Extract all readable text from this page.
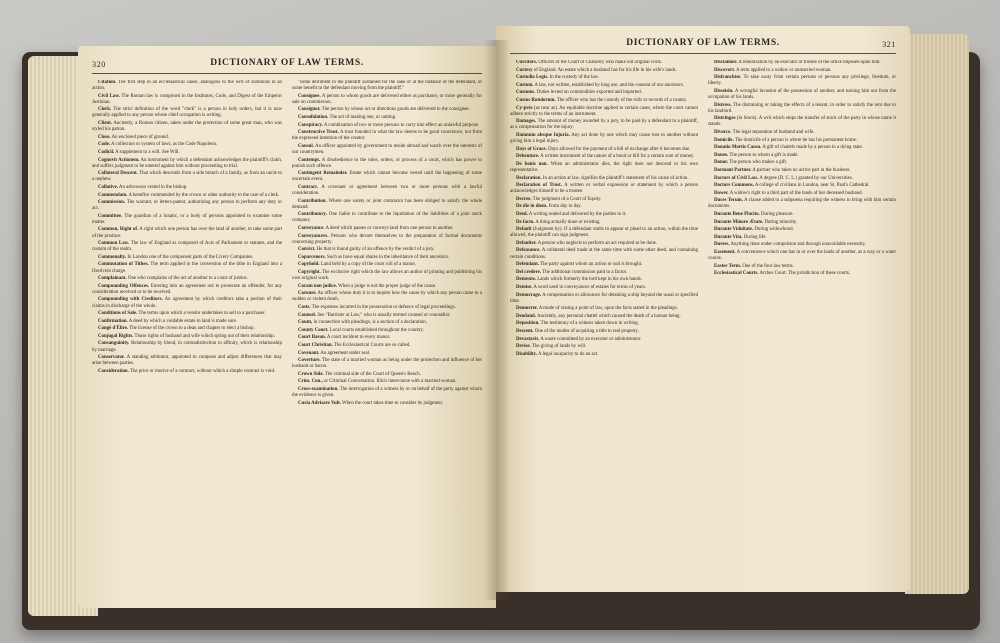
320	DICTIONARY OF LAW TERMS.

Citation. The first step in an ecclesiastical cause, analogous to the writ of summons in an action.

Civil Law. The Roman law is comprised in the Institutes, Code, and Digest of the Emperor Justinian.

Clerk. The strict definition of the word "clerk" is a person in holy orders, but it is now generally applied to any person whose chief occupation is writing.

Client. Anciently, a Roman citizen, taken under the protection of some great man, who was styled his patron.

Close. An enclosed piece of ground.

Code. A collection or system of laws, as the Code Napoleon.

Codicil. A supplement to a will. See Will.

Cognovit Actionem. An instrument by which a defendant acknowledges the plaintiff's claim, and suffers judgment to be entered against him without proceeding to trial.

Collateral Descent. That which descends from a side branch of a family, as from an uncle to a nephew.

Collative. An advowson vested in the bishop.

Commendam. A benefice commended by the crown or other authority to the care of a clerk.

Commission. The warrant, or letters-patent, authorizing any person to perform any duty or act.

Committee. The guardian of a lunatic, or a body of persons appointed to examine some matter.

Common, Right of. A right which one person has over the land of another, to take some part of the produce.

Common Law. The law of England as composed of Acts of Parliament or statutes, and the custom of the realm.

Commonalty. In London one of the component parts of the Livery Companies.

Commutation of Tithes. The term applied to the conversion of the tithe in England into a fixed rent charge.

Complainant. One who complains of the act of another to a court of justice.

Compounding Offences. Entering into an agreement not to prosecute an offender, for any consideration received or to be received.

Compounding with Creditors. An agreement by which creditors take a portion of their claims in discharge of the whole.

Conditions of Sale. The terms upon which a vendor undertakes to sell to a purchaser.

Confirmation. A deed by which a voidable estate in land is made sure.

Congé d'Élire. The license of the crown to a dean and chapter to elect a bishop.

Conjugal Rights. Those rights of husband and wife which spring out of their relationship.

Consanguinity. Relationship by blood, in contradistinction to affinity, which is relationship by marriage.

Conservator. A standing arbitrator, appointed to compose and adjust differences that may arise between parties.

Consideration. The price or motive of a contract, without which a simple contract is void.

"some detriment to the plaintiff sustained for the sake or at the instance of the defendant, or some benefit to the defendant moving from the plaintiff."

Consignee. A person to whom goods are delivered either as purchaser, or more generally for sale on commission.

Consignor. The person by whose act or directions goods are delivered to the consignee.

Consolidation. The act of making one, or uniting.

Conspiracy. A combination of two or more persons to carry into effect an unlawful purpose.

Constructive Trust. A trust founded in what the law deems to be good conscience, not from the expressed intention of the creator.

Consul. An officer appointed by government to reside abroad and watch over the interests of our countrymen.

Contempt. A disobedience to the rules, orders, or process of a court, which has power to punish such offence.

Contingent Remainder. Estate which cannot become vested until the happening of some uncertain event.

Contract. A covenant or agreement between two or more persons with a lawful consideration.

Contribution. Where one surety or joint contractor has been obliged to satisfy the whole demand.

Contributory. One liable to contribute to the liquidation of the liabilities of a joint stock company.

Conveyance. A deed which passes or conveys land from one person to another.

Conveyancers. Persons who devote themselves to the preparation of formal documents concerning property.

Convict. He that is found guilty of an offence by the verdict of a jury.

Coparceners. Such as have equal shares in the inheritance of their ancestors.

Copyhold. Land held by a copy of the court roll of a manor.

Copyright. The exclusive right which the law allows an author of printing and publishing his own original work.

Coram non judice. When a judge is not the proper judge of the cause.

Coroner. An officer whose duty it is to inquire how the cause by which any person came to a sudden or violent death.

Costs. The expenses incurred in the prosecution or defence of legal proceedings.

Counsel. See "Barrister at Law," who is usually termed counsel or counsellor.

Count, in connection with pleadings, is a section of a declaration.

County Court. Local courts established throughout the country.

Court Baron. A court incident to every manor.

Court Christian. The Ecclesiastical Courts are so called.

Covenant. An agreement under seal.

Coverture. The state of a married woman as being under the protection and influence of her husband or baron.

Crown Side. The criminal side of the Court of Queen's Bench.

Crim. Con., or Criminal Conversation. Illicit intercourse with a married woman.

Cross-examination. The interrogation of a witness by or on behalf of the party against whom the evidence is given.

Curia Advisare Vult. When the court takes time to consider its judgment.

DICTIONARY OF LAW TERMS.	321

Cursitors. Officers of the Court of Chancery who make out original writs.

Curtesy of England. An estate which a husband has for his life in his wife's lands.

Custodia Legis. In the custody of the law.

Custom. A law, not written, established by long use, and the consent of our ancestors.

Customs. Duties levied on commodities exported and imported.

Custos Rotulorum. The officer who has the custody of the rolls or records of a county.

Cy-près (as near as). An equitable doctrine applied to certain cases, where the court cannot adhere strictly to the terms of an instrument.

Damages. The amount of money awarded by a jury, to be paid by a defendant to a plaintiff, as a compensation for the injury.

Damnum absque Injuria. Any act done by one which may cause loss to another without giving him a legal injury.

Days of Grace. Days allowed for the payment of a bill of exchange after it becomes due.

Debenture. A written instrument of the nature of a bond or bill for a certain sum of money.

De bonis non. When an administrator dies, the right does not descend to his own representative.

Declaration. In an action at law, signifies the plaintiff's statement of his cause of action.

Declaration of Trust. A written or verbal expression or statement by which a person acknowledges himself to be a trustee.

Decree. The judgment of a Court of Equity.

De die in diem. From day to day.

Deed. A writing sealed and delivered by the parties to it.

De facto. A thing actually done or existing.

Default (Judgment by). If a defendant omits to appear or plead to an action, within the time allowed, the plaintiff can sign judgment.

Defaulter. A person who neglects to perform an act required to be done.

Defeasance. A collateral deed made at the same time with some other deed, and containing certain conditions.

Defendant. The party against whom an action or suit is brought.

Del credere. The additional commission paid to a factor.

Demesne. Lands which formerly the lord kept in his own hands.

Demise. A word used in conveyances of estates for terms of years.

Demurrage. A compensation or allowance for detaining a ship beyond the usual or specified time.

Demurrer. A mode of raising a point of law, upon the facts stated in the pleadings.

Deodand. Anciently, any personal chattel which caused the death of a human being.

Deposition. The testimony of a witness taken down in writing.

Descent. One of the modes of acquiring a title to real property.

Devastavit. A waste committed by an executor or administrator.

Devise. The giving of lands by will.

Disability. A legal incapacity to do an act.

Disclaimer. A renunciation by an executor or trustee of the office imposed upon him.

Discovert. A term applied to a widow or unmarried woman.

Disfranchise. To take away from certain persons or persons any privilege, freedom, or liberty.

Disseisin. A wrongful invasion of the possession of another, and turning him out from the occupation of his lands.

Distress. The distraining or taking the effects of a tenant, in order to satisfy the rent due to his landlord.

Distringas (in Stock). A writ which stops the transfer of stock of the party in whose name it stands.

Divorce. The legal separation of husband and wife.

Domicile. The domicile of a person is where he has his permanent home.

Donatio Mortis Causa. A gift of chattels made by a person in a dying state.

Donee. The person to whom a gift is made.

Donor. The person who makes a gift.

Dormant Partner. A partner who takes no active part in the business.

Doctors of Civil Law. A degree (D. C. L.) granted by our Universities.

Doctors Commons. A college of civilians in London, near St. Paul's Cathedral.

Dower. A widow's right to a third part of the lands of her deceased husband.

Duces Tecum. A clause added to a subpoena requiring the witness to bring with him certain documents.

Durante Bene Placito. During pleasure.

Durante Minore Ætate. During minority.

Durante Viduitate. During widowhood.

Durante Vita. During life.

Duress. Anything done under compulsion and through unavoidable necessity.

Easement. A convenience which one has in or over the lands of another, as a way or a water course.

Easter Term. One of the four law terms.

Ecclesiastical Courts. Arches Court. The jurisdiction of these courts.
